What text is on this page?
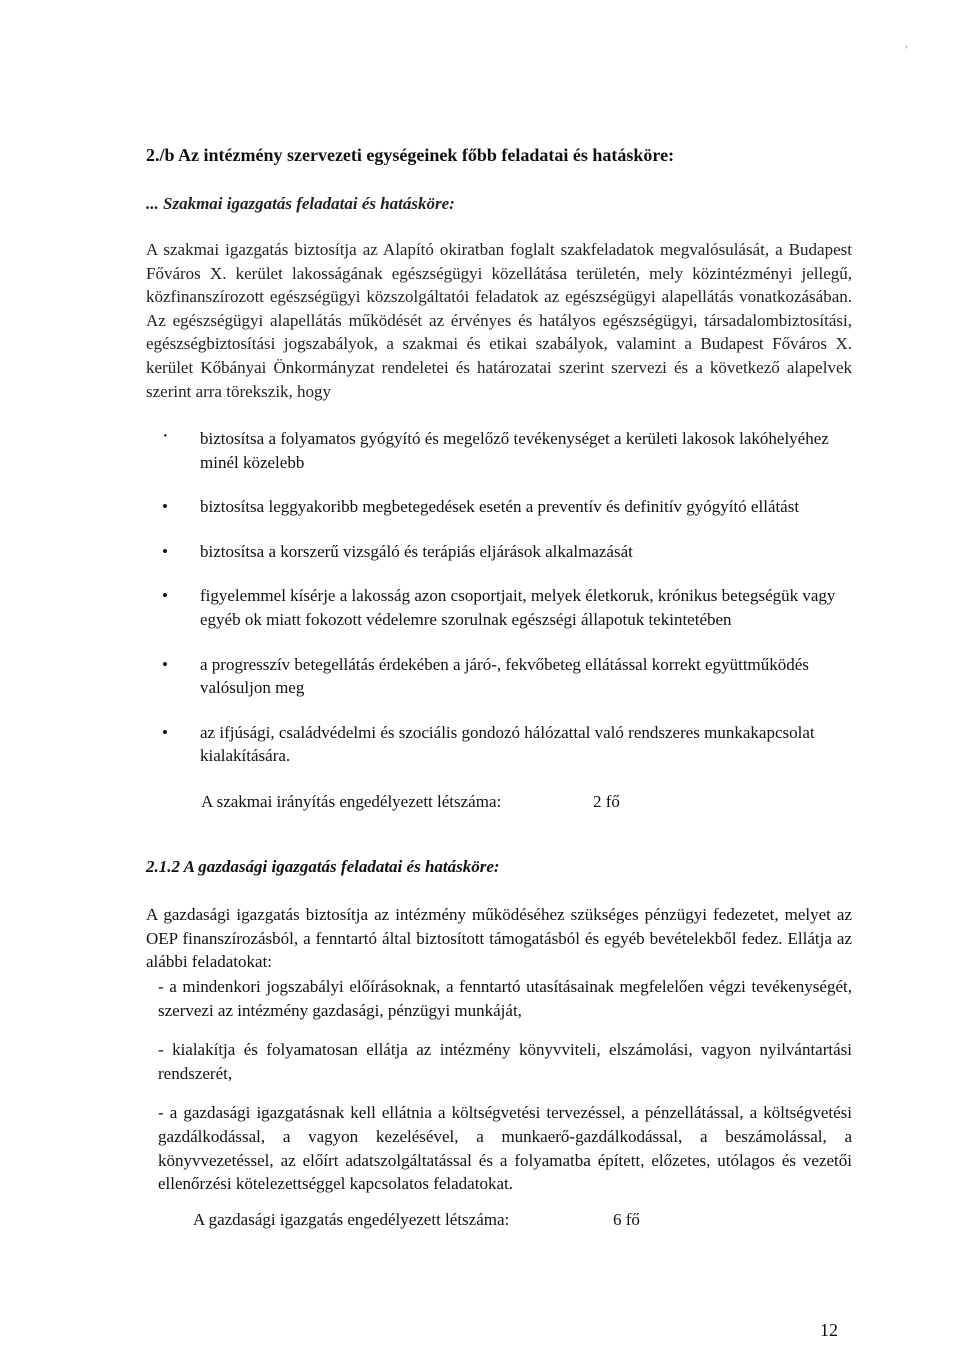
,
2./b Az intézmény szervezeti egységeinek főbb feladatai és hatásköre:
... Szakmai igazgatás feladatai és hatásköre:
A szakmai igazgatás biztosítja az Alapító okiratban foglalt szakfeladatok megvalósulását, a Budapest Főváros X. kerület lakosságának egészségügyi közellátása területén, mely közintézményi jellegű, közfinanszírozott egészségügyi közszolgáltatói feladatok az egészségügyi alapellátás vonatkozásában. Az egészségügyi alapellátás működését az érvényes és hatályos egészségügyi, társadalombiztosítási, egészségbiztosítási jogszabályok, a szakmai és etikai szabályok, valamint a Budapest Főváros X. kerület Kőbányai Önkormányzat rendeletei és határozatai szerint szervezi és a következő alapelvek szerint arra törekszik, hogy
· biztosítsa a folyamatos gyógyító és megelőző tevékenységet a kerületi lakosok lakóhelyéhez minél közelebb
• biztosítsa leggyakoribb megbetegedések esetén a preventív és definitív gyógyító ellátást
• biztosítsa a korszerű vizsgáló és terápiás eljárások alkalmazását
• figyelemmel kísérje a lakosság azon csoportjait, melyek életkoruk, krónikus betegségük vagy egyéb ok miatt fokozott védelemre szorulnak egészségi állapotuk tekintetében
• a progresszív betegellátás érdekében a járó-, fekvőbeteg ellátással korrekt együttműködés valósuljon meg
• az ifjúsági, családvédelmi és szociális gondozó hálózattal való rendszeres munkakapcsolat kialakítására.
A szakmai irányítás engedélyezett létszáma:	2 fő
2.1.2 A gazdasági igazgatás feladatai és hatásköre:
A gazdasági igazgatás biztosítja az intézmény működéséhez szükséges pénzügyi fedezetet, melyet az OEP finanszírozásból, a fenntartó által biztosított támogatásból és egyéb bevételekből fedez. Ellátja az alábbi feladatokat:

- a mindenkori jogszabályi előírásoknak, a fenntartó utasításainak megfelelően végzi tevékenységét, szervezi az intézmény gazdasági, pénzügyi munkáját,

- kialakítja és folyamatosan ellátja az intézmény könyvviteli, elszámolási, vagyon nyilvántartási rendszerét,

- a gazdasági igazgatásnak kell ellátnia a költségvetési tervezéssel, a pénzellátással, a költségvetési gazdálkodással, a vagyon kezelésével, a munkaerő-gazdálkodással, a beszámolással, a könyvvezetéssel, az előírt adatszolgáltatással és a folyamatba épített, előzetes, utólagos és vezetői ellenőrzési kötelezettséggel kapcsolatos feladatokat.

A gazdasági igazgatás engedélyezett létszáma:	6 fő
12
